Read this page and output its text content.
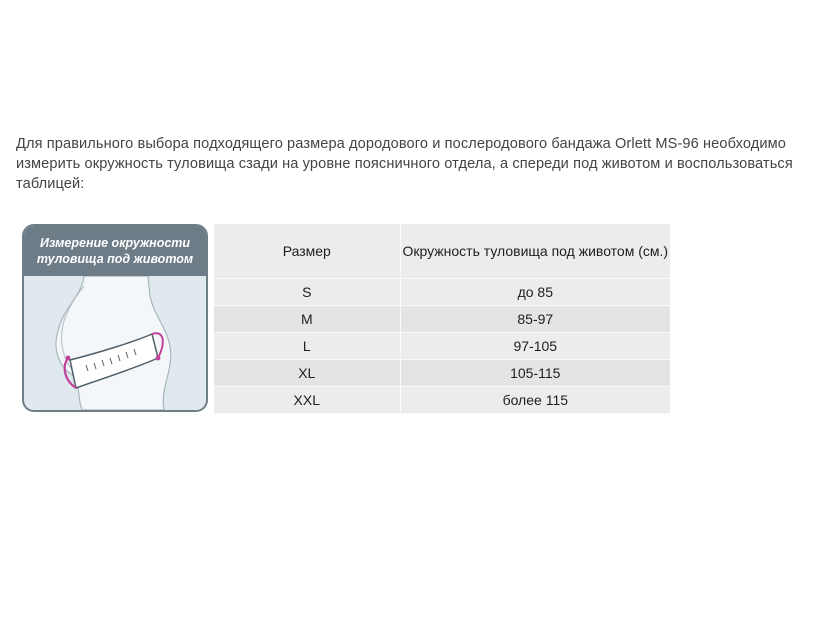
Для правильного выбора подходящего размера дородового и послеродового бандажа Orlett MS-96 необходимо измерить окружность туловища сзади на уровне поясничного отдела, а спереди под животом и воспользоваться таблицей:

Измерение окружности туловища под животом	Размер	Окружность туловища под животом (см.)
S	до 85
M	85-97
L	97-105
XL	105-115
XXL	более 115
